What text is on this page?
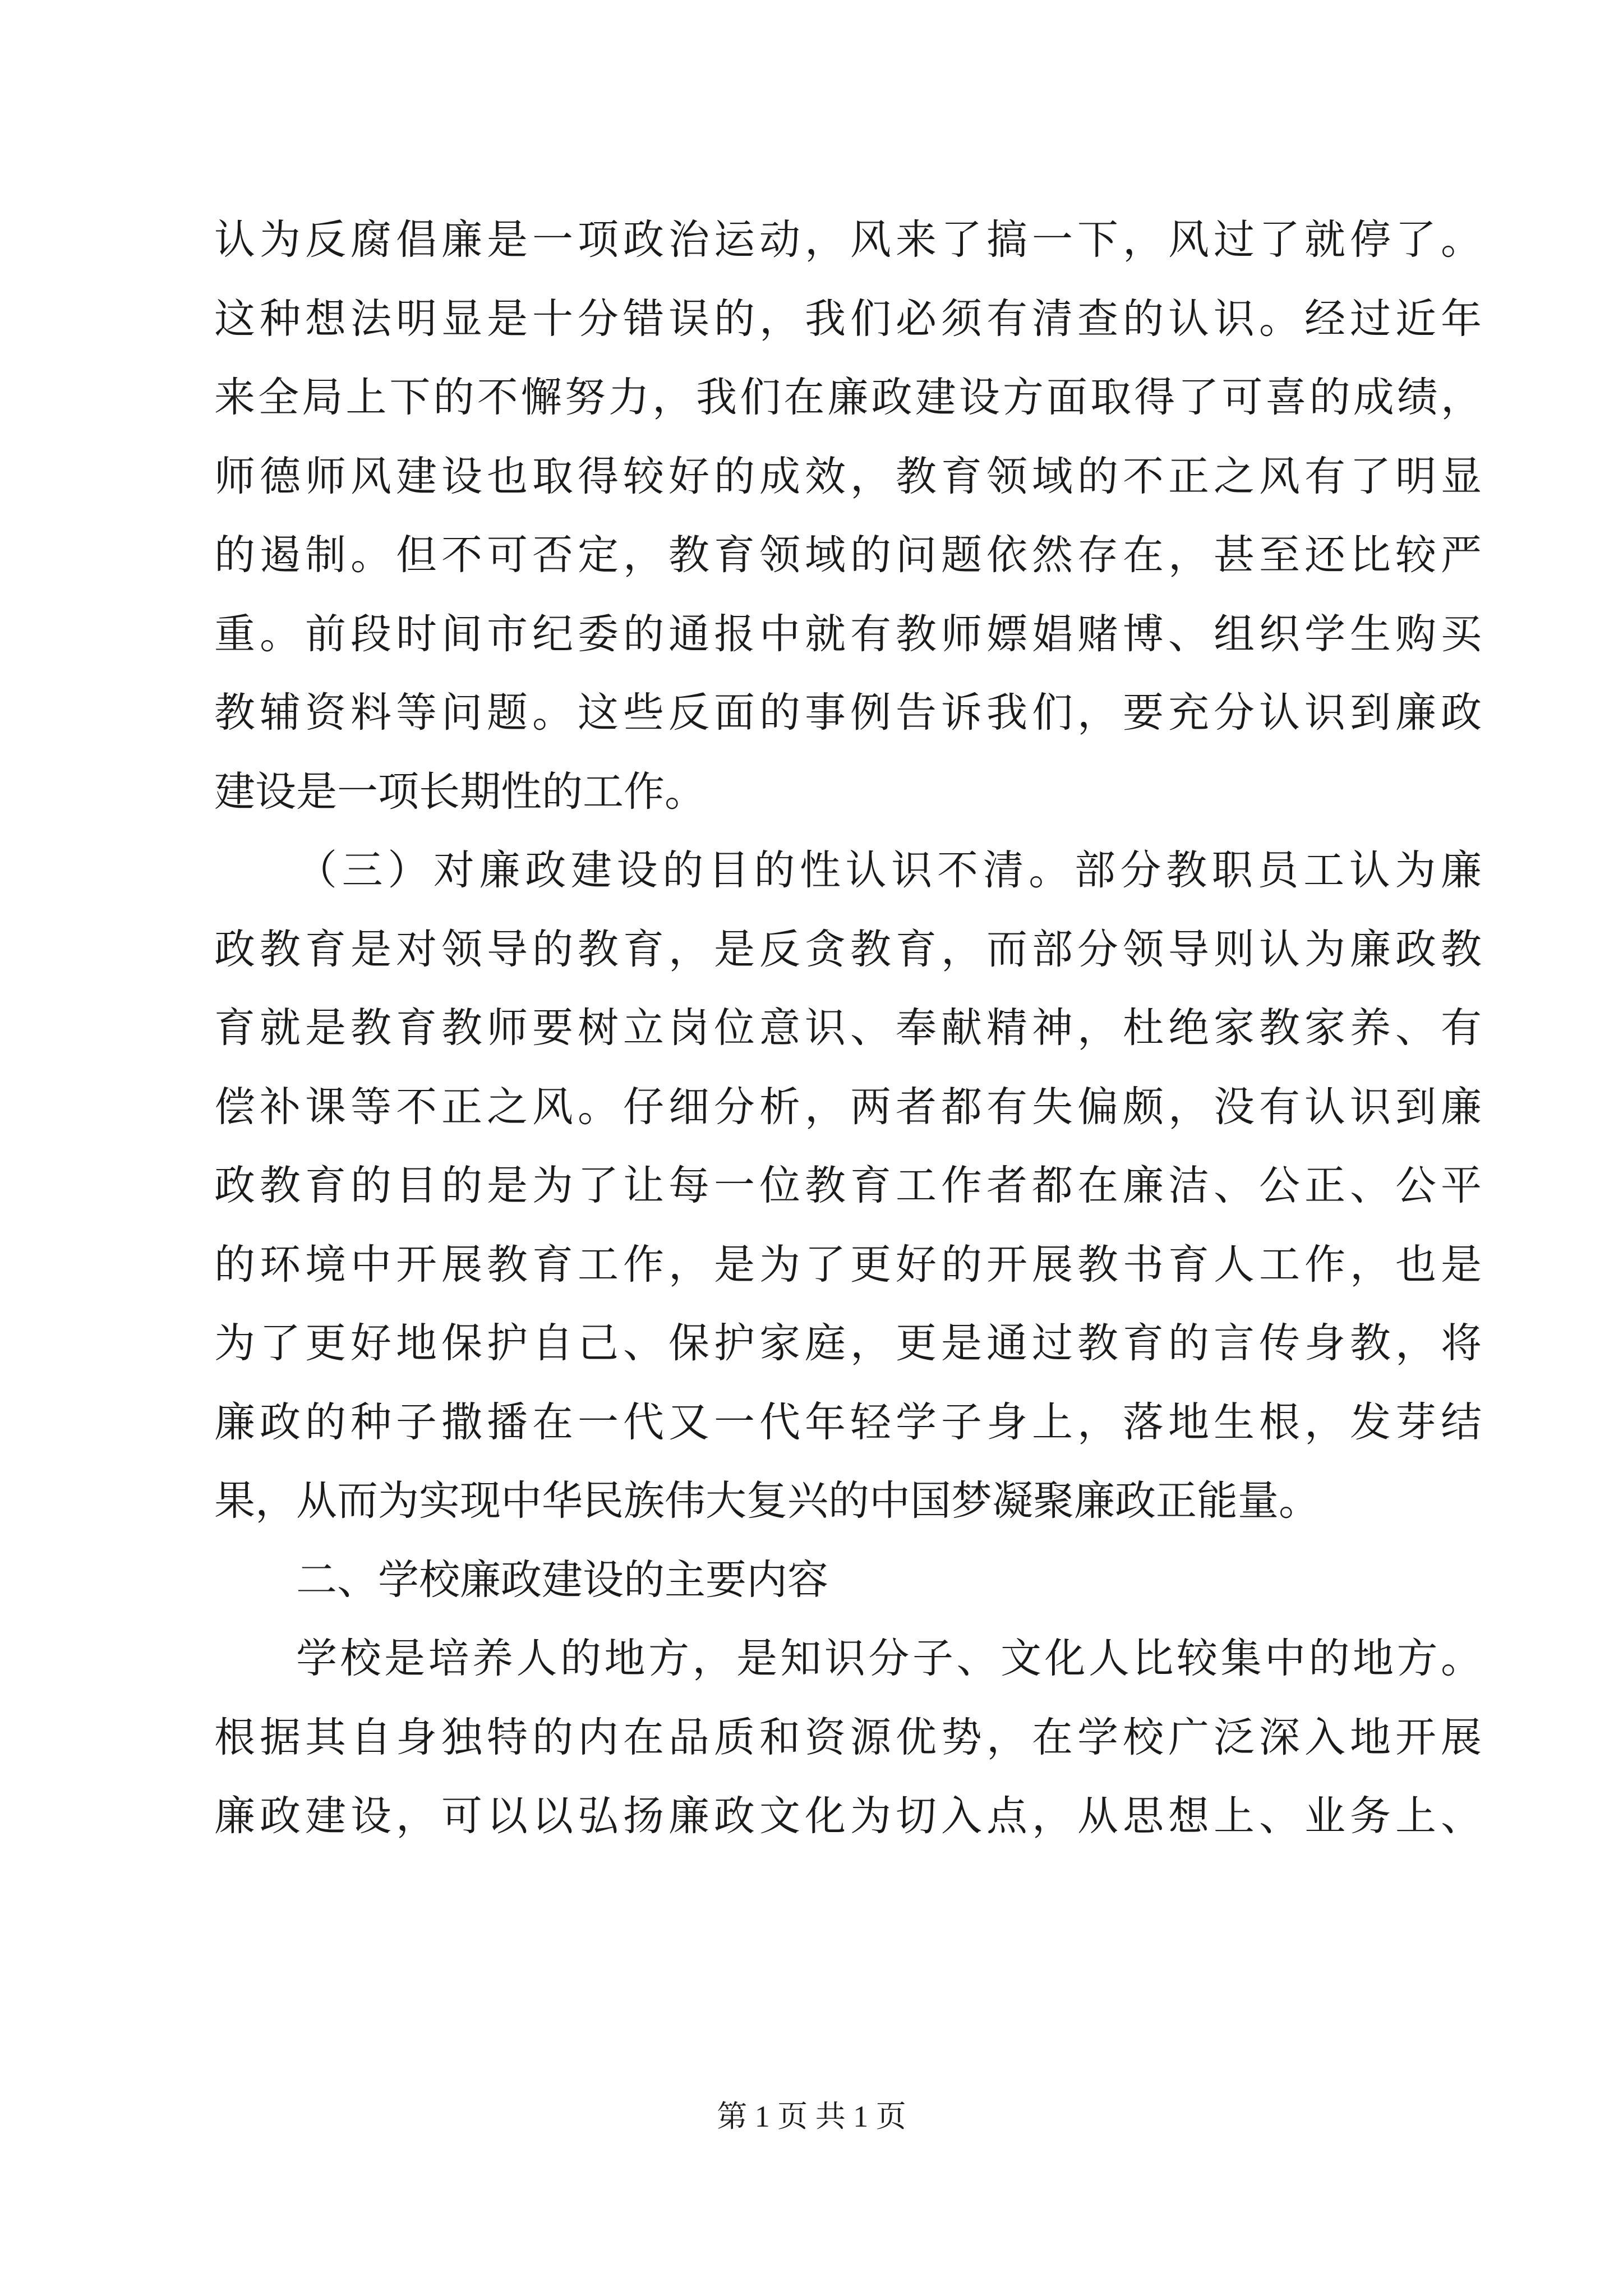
认为反腐倡廉是一项政治运动，风来了搞一下，风过了就停了。
这种想法明显是十分错误的，我们必须有清查的认识。经过近年
来全局上下的不懈努力，我们在廉政建设方面取得了可喜的成绩，
师德师风建设也取得较好的成效，教育领域的不正之风有了明显
的遏制。但不可否定，教育领域的问题依然存在，甚至还比较严
重。前段时间市纪委的通报中就有教师嫖娼赌博、组织学生购买
教辅资料等问题。这些反面的事例告诉我们，要充分认识到廉政
建设是一项长期性的工作。
（三）对廉政建设的目的性认识不清。部分教职员工认为廉
政教育是对领导的教育，是反贪教育，而部分领导则认为廉政教
育就是教育教师要树立岗位意识、奉献精神，杜绝家教家养、有
偿补课等不正之风。仔细分析，两者都有失偏颇，没有认识到廉
政教育的目的是为了让每一位教育工作者都在廉洁、公正、公平
的环境中开展教育工作，是为了更好的开展教书育人工作，也是
为了更好地保护自己、保护家庭，更是通过教育的言传身教，将
廉政的种子撒播在一代又一代年轻学子身上，落地生根，发芽结
果，从而为实现中华民族伟大复兴的中国梦凝聚廉政正能量。
二、学校廉政建设的主要内容
学校是培养人的地方，是知识分子、文化人比较集中的地方。
根据其自身独特的内在品质和资源优势，在学校广泛深入地开展
廉政建设，可以以弘扬廉政文化为切入点，从思想上、业务上、
第 1 页 共 1 页
